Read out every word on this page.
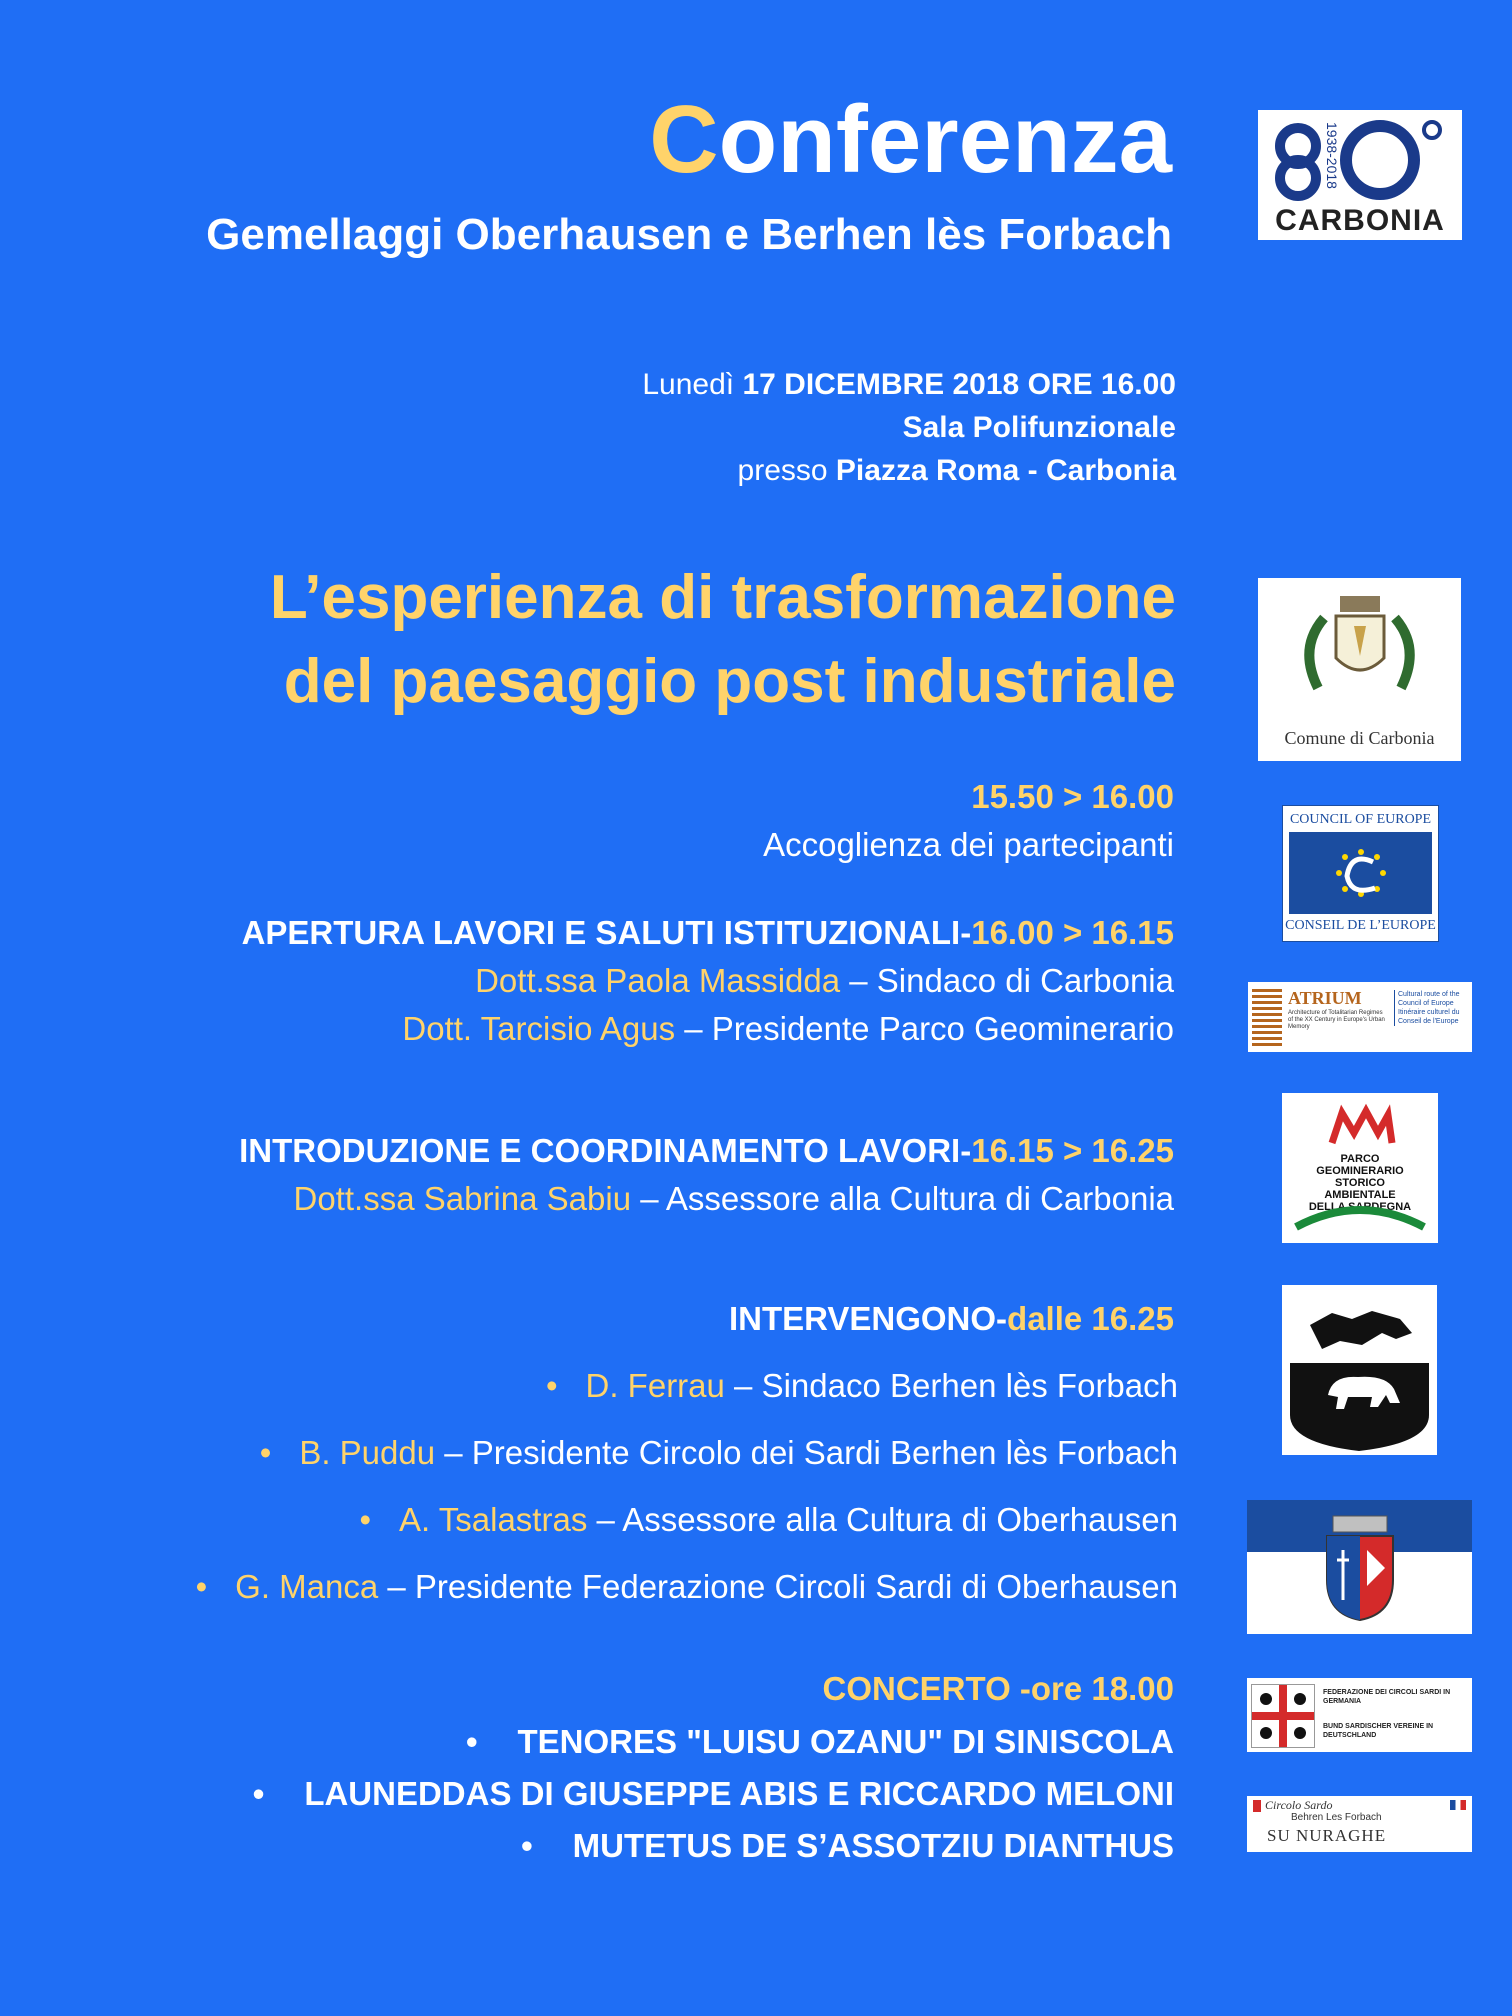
Conferenza
Gemellaggi Oberhausen e Berhen lès Forbach
Lunedì 17 DICEMBRE 2018 ORE 16.00
Sala Polifunzionale
presso Piazza Roma - Carbonia
L’esperienza di trasformazione
del paesaggio post industriale
15.50 > 16.00
Accoglienza dei partecipanti
APERTURA LAVORI E SALUTI ISTITUZIONALI-16.00 > 16.15
Dott.ssa Paola Massidda – Sindaco di Carbonia
Dott. Tarcisio Agus – Presidente Parco Geominerario
INTRODUZIONE E COORDINAMENTO LAVORI-16.15 > 16.25
Dott.ssa Sabrina Sabiu – Assessore alla Cultura di Carbonia
INTERVENGONO-dalle 16.25
• D. Ferrau – Sindaco Berhen lès Forbach
• B. Puddu – Presidente Circolo dei Sardi Berhen lès Forbach
• A. Tsalastras – Assessore alla Cultura di Oberhausen
• G. Manca – Presidente Federazione Circoli Sardi di Oberhausen
CONCERTO -ore 18.00
• TENORES "LUISU OZANU" DI SINISCOLA
• LAUNEDDAS DI GIUSEPPE ABIS E RICCARDO MELONI
• MUTETUS DE S’ASSOTZIU DIANTHUS
1938-2018
CARBONIA
Comune di Carbonia
COUNCIL OF EUROPE
CONSEIL DE L’EUROPE
ATRIUM
Architecture of Totalitarian Regimes of the XX Century in Europe's Urban Memory
Cultural route of the Council of Europe Itinéraire culturel du Conseil de l'Europe
PARCO GEOMINERARIO STORICO AMBIENTALE DELLA SARDEGNA
FEDERAZIONE DEI CIRCOLI SARDI IN GERMANIA
BUND SARDISCHER VEREINE IN DEUTSCHLAND
Circolo Sardo
Behren Les Forbach
SU NURAGHE
